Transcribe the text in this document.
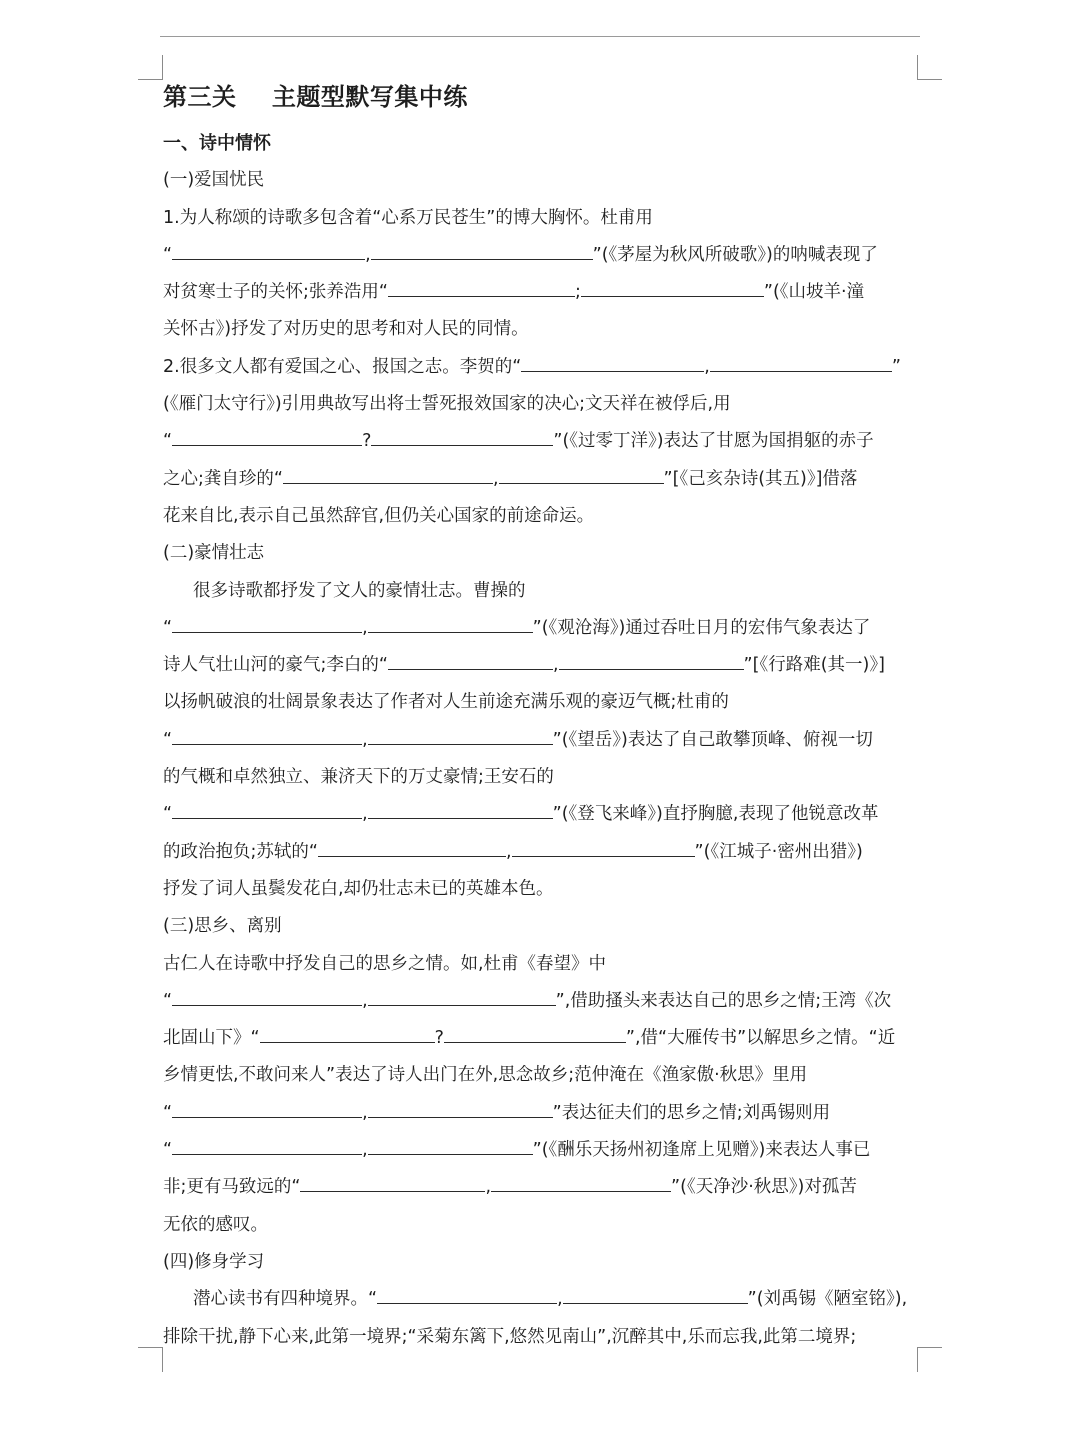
第三关    主题型默写集中练
一、诗中情怀
(一)爱国忧民
1.为人称颂的诗歌多包含着“心系万民苍生”的博大胸怀。杜甫用
“	,	”(《茅屋为秋风所破歌》)的呐喊表现了
对贫寒士子的关怀;张养浩用“	;	”(《山坡羊·潼
关怀古》)抒发了对历史的思考和对人民的同情。
2.很多文人都有爱国之心、报国之志。李贺的“	,	”
(《雁门太守行》)引用典故写出将士誓死报效国家的决心;文天祥在被俘后,用
“	?	”(《过零丁洋》)表达了甘愿为国捐躯的赤子
之心;龚自珍的“	,	”[《己亥杂诗(其五)》]借落
花来自比,表示自己虽然辞官,但仍关心国家的前途命运。
(二)豪情壮志
很多诗歌都抒发了文人的豪情壮志。曹操的
“	,	”(《观沧海》)通过吞吐日月的宏伟气象表达了
诗人气壮山河的豪气;李白的“	,	”[《行路难(其一)》]
以扬帆破浪的壮阔景象表达了作者对人生前途充满乐观的豪迈气概;杜甫的
“	,	”(《望岳》)表达了自己敢攀顶峰、俯视一切
的气概和卓然独立、兼济天下的万丈豪情;王安石的
“	,	”(《登飞来峰》)直抒胸臆,表现了他锐意改革
的政治抱负;苏轼的“	,	”(《江城子·密州出猎》)
抒发了词人虽鬓发花白,却仍壮志未已的英雄本色。
(三)思乡、离别
古仁人在诗歌中抒发自己的思乡之情。如,杜甫《春望》中
“	,	”,借助搔头来表达自己的思乡之情;王湾《次
北固山下》“	?	”,借“大雁传书”以解思乡之情。“近
乡情更怯,不敢问来人”表达了诗人出门在外,思念故乡;范仲淹在《渔家傲·秋思》里用
“	,	”表达征夫们的思乡之情;刘禹锡则用
“	,	”(《酬乐天扬州初逢席上见赠》)来表达人事已
非;更有马致远的“	,	”(《天净沙·秋思》)对孤苦
无依的感叹。
(四)修身学习
潜心读书有四种境界。“	,	”(刘禹锡《陋室铭》),
排除干扰,静下心来,此第一境界;“采菊东篱下,悠然见南山”,沉醉其中,乐而忘我,此第二境界;
